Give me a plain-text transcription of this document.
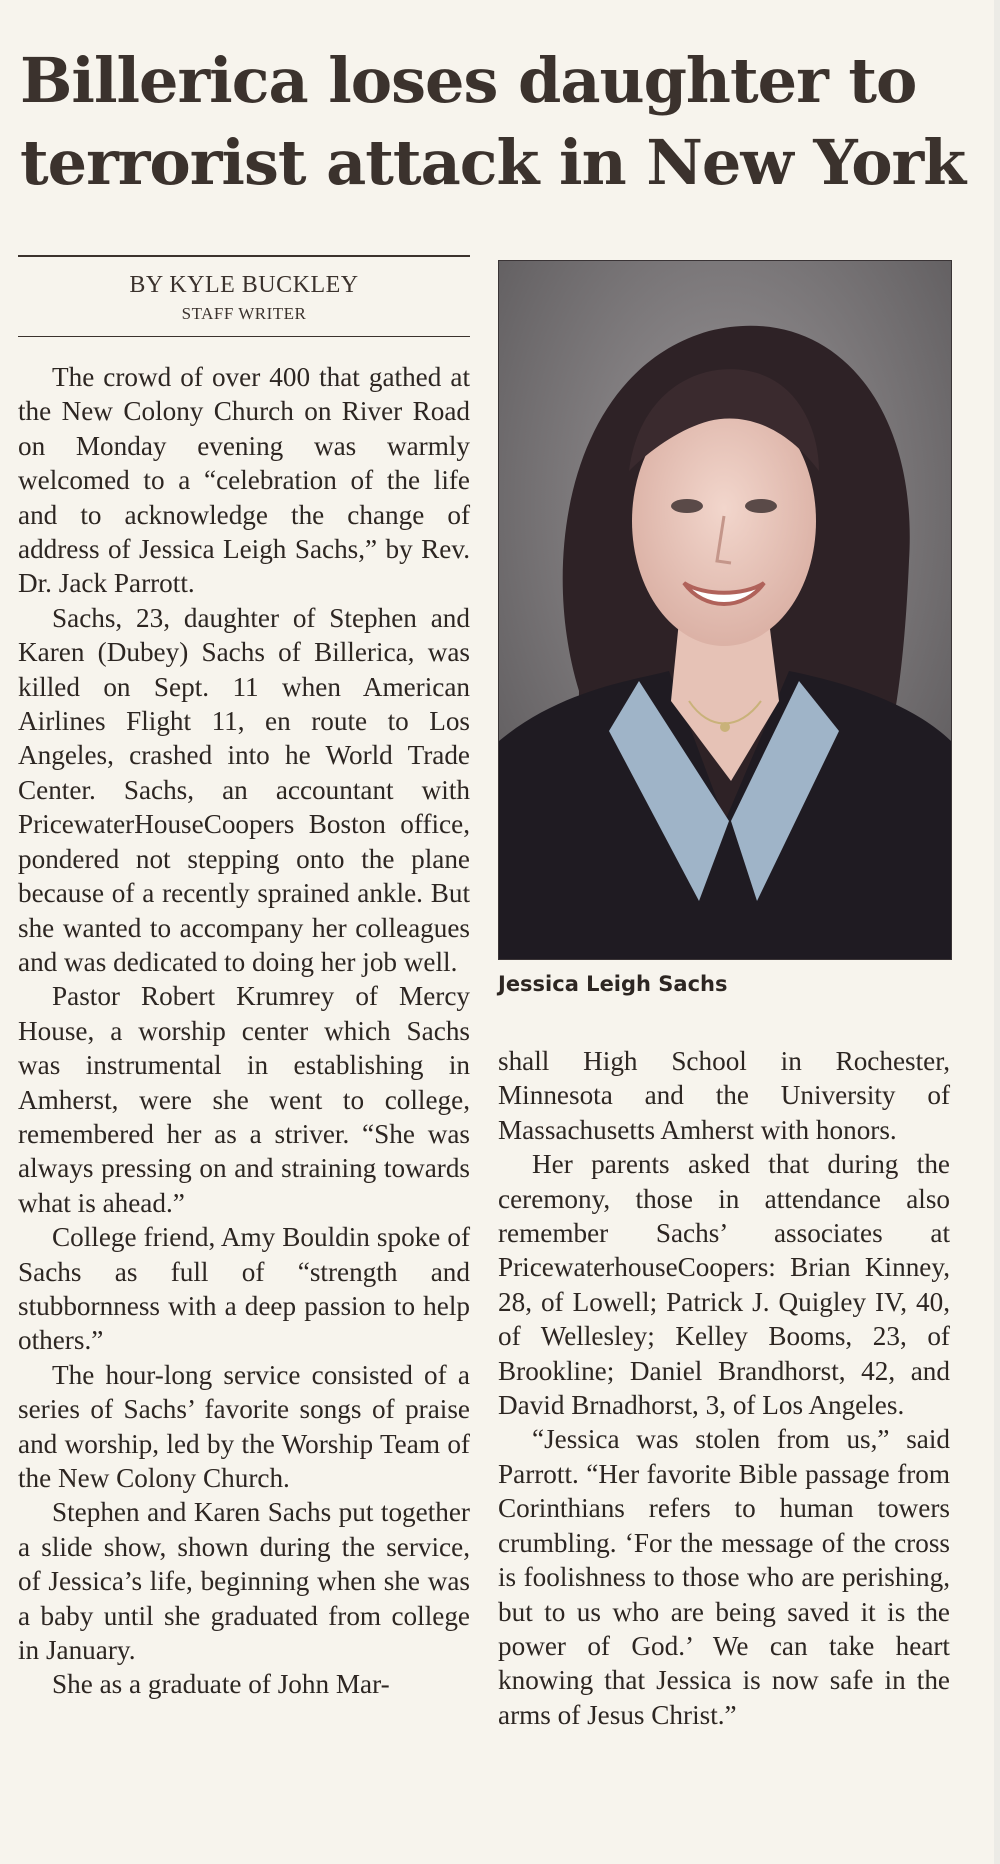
Billerica loses daughter to
terrorist attack in New York
BY KYLE BUCKLEY
STAFF WRITER

The crowd of over 400 that gathed at the New Colony Church on River Road on Monday evening was warmly welcomed to a “celebration of the life and to acknowledge the change of address of Jessica Leigh Sachs,” by Rev. Dr. Jack Parrott.

Sachs, 23, daughter of Stephen and Karen (Dubey) Sachs of Billerica, was killed on Sept. 11 when American Airlines Flight 11, en route to Los Angeles, crashed into he World Trade Center. Sachs, an accountant with PricewaterHouseCoopers Boston office, pondered not stepping onto the plane because of a recently sprained ankle. But she wanted to accompany her colleagues and was dedicated to doing her job well.

Pastor Robert Krumrey of Mercy House, a worship center which Sachs was instrumental in establishing in Amherst, were she went to college, remembered her as a striver. “She was always pressing on and straining towards what is ahead.”

College friend, Amy Bouldin spoke of Sachs as full of “strength and stubbornness with a deep passion to help others.”

The hour-long service consisted of a series of Sachs’ favorite songs of praise and worship, led by the Worship Team of the New Colony Church.

Stephen and Karen Sachs put together a slide show, shown during the service, of Jessica’s life, beginning when she was a baby until she graduated from college in January.

She as a graduate of John Mar-

Jessica Leigh Sachs

shall High School in Rochester, Minnesota and the University of Massachusetts Amherst with honors.

Her parents asked that during the ceremony, those in attendance also remember Sachs’ associates at PricewaterhouseCoopers: Brian Kinney, 28, of Lowell; Patrick J. Quigley IV, 40, of Wellesley; Kelley Booms, 23, of Brookline; Daniel Brandhorst, 42, and David Brnadhorst, 3, of Los Angeles.

“Jessica was stolen from us,” said Parrott. “Her favorite Bible passage from Corinthians refers to human towers crumbling. ‘For the message of the cross is foolishness to those who are perishing, but to us who are being saved it is the power of God.’ We can take heart knowing that Jessica is now safe in the arms of Jesus Christ.”
